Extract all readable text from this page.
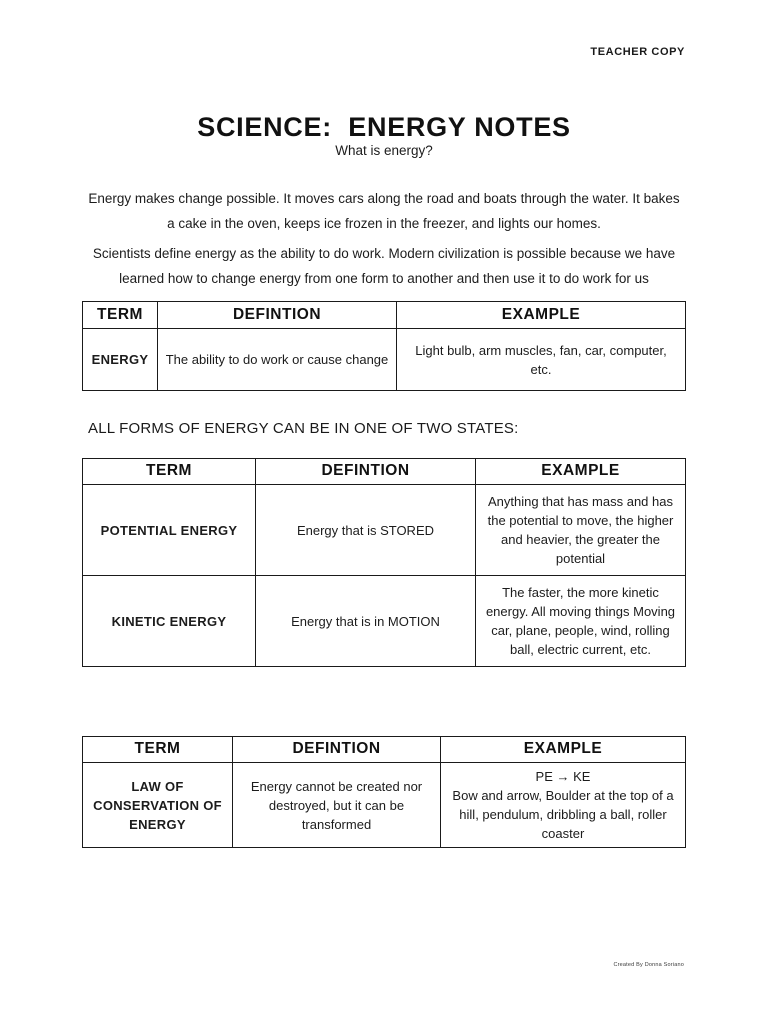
TEACHER COPY
SCIENCE:  ENERGY NOTES
What is energy?

Energy makes change possible. It moves cars along the road and boats through the water. It bakes a cake in the oven, keeps ice frozen in the freezer, and lights our homes.

Scientists define energy as the ability to do work. Modern civilization is possible because we have learned how to change energy from one form to another and then use it to do work for us

TERM	DEFINTION	EXAMPLE
ENERGY	The ability to do work or cause change	Light bulb, arm muscles, fan, car, computer, etc.
ALL FORMS OF ENERGY CAN BE IN ONE OF TWO STATES:
TERM	DEFINTION	EXAMPLE
POTENTIAL ENERGY	Energy that is STORED	Anything that has mass and has the potential to move, the higher and heavier, the greater the potential
KINETIC ENERGY	Energy that is in MOTION	The faster, the more kinetic energy. All moving things Moving car, plane, people, wind, rolling ball, electric current, etc.
TERM	DEFINTION	EXAMPLE
LAW OF CONSERVATION OF ENERGY	Energy cannot be created nor destroyed, but it can be transformed	PE → KE
Bow and arrow, Boulder at the top of a hill, pendulum, dribbling a ball, roller coaster
Created By Donna Soriano
